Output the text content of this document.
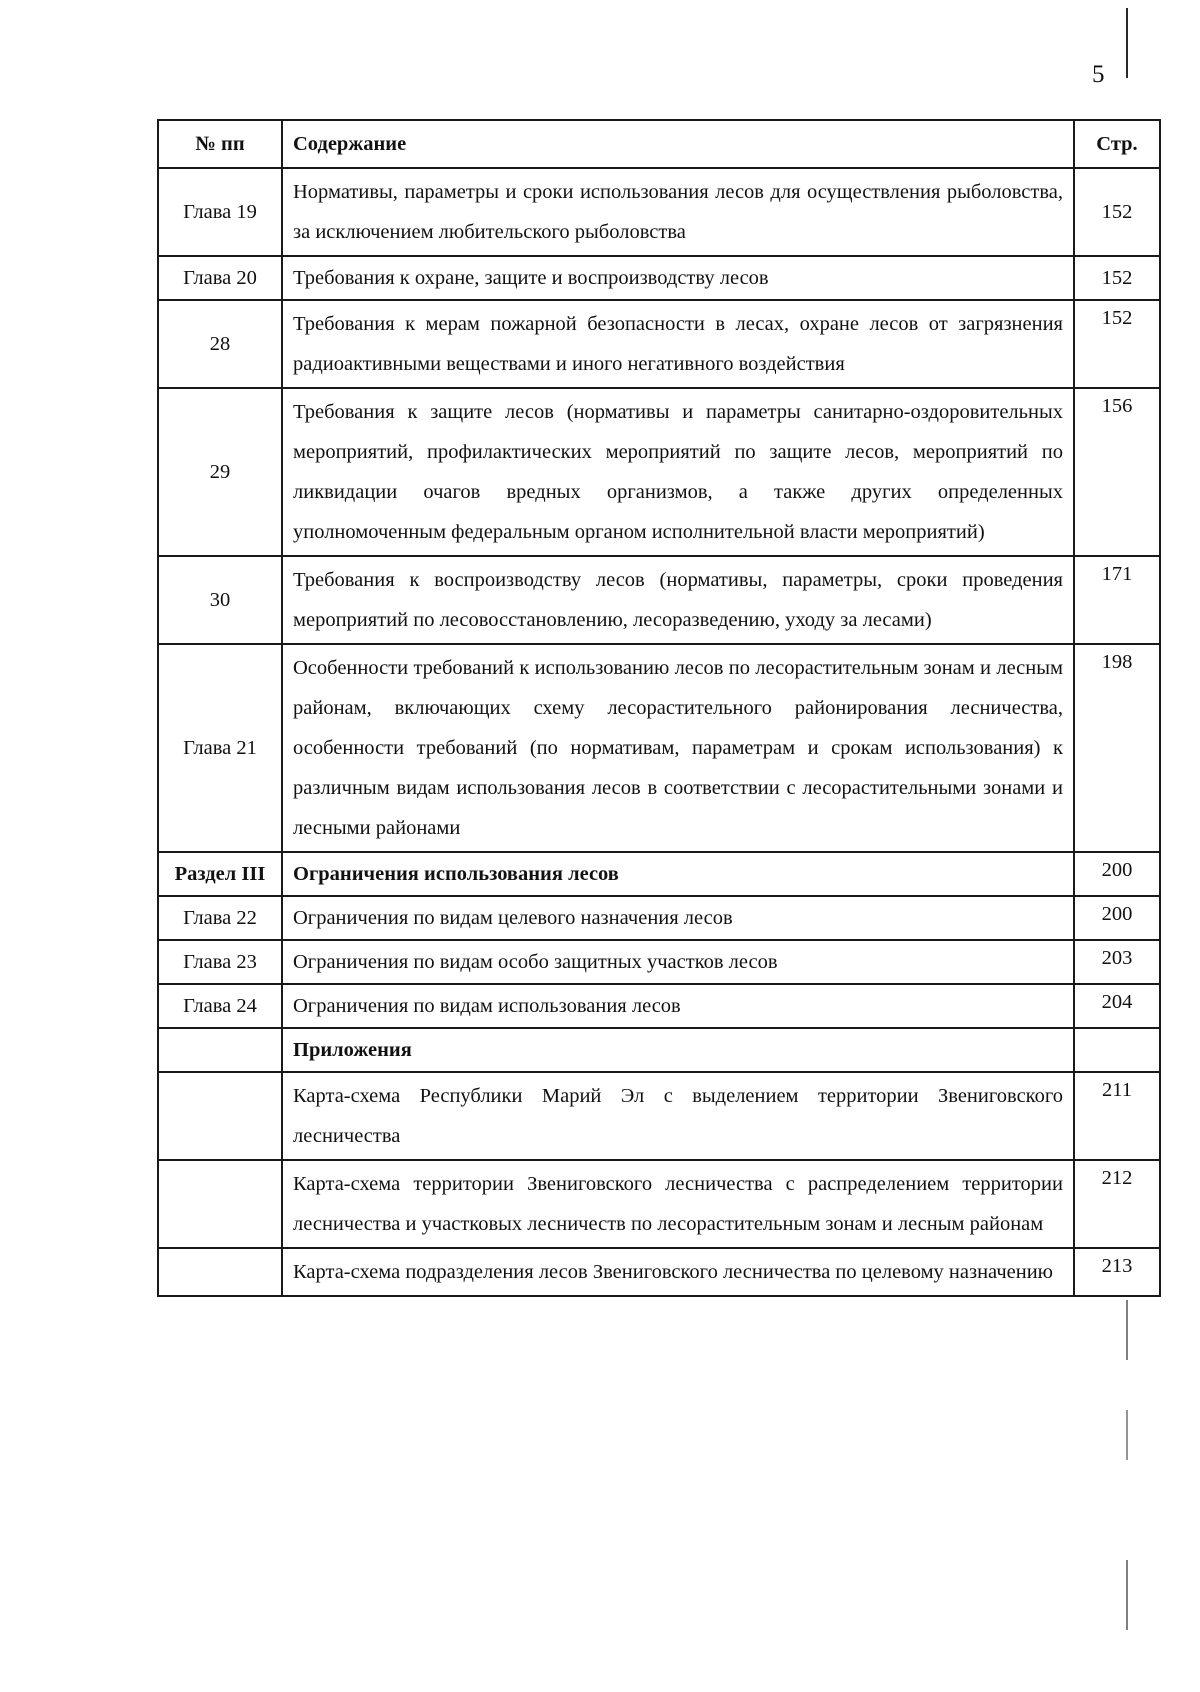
5
№ пп	Содержание	Стр.
Глава 19	Нормативы, параметры и сроки использования лесов для осуществления рыболовства, за исключением любительского рыболовства	152
Глава 20	Требования к охране, защите и воспроизводству лесов	152
28	Требования к мерам пожарной безопасности в лесах, охране лесов от загрязнения радиоактивными веществами и иного негативного воздействия	152
29	Требования к защите лесов (нормативы и параметры санитарно-оздоровительных мероприятий, профилактических мероприятий по защите лесов, мероприятий по ликвидации очагов вредных организмов, а также других определенных уполномоченным федеральным органом исполнительной власти мероприятий)	156
30	Требования к воспроизводству лесов (нормативы, параметры, сроки проведения мероприятий по лесовосстановлению, лесоразведению, уходу за лесами)	171
Глава 21	Особенности требований к использованию лесов по лесорастительным зонам и лесным районам, включающих схему лесорастительного районирования лесничества, особенности требований (по нормативам, параметрам и срокам использования) к различным видам использования лесов в соответствии с лесорастительными зонами и лесными районами	198
Раздел III	Ограничения использования лесов	200
Глава 22	Ограничения по видам целевого назначения лесов	200
Глава 23	Ограничения по видам особо защитных участков лесов	203
Глава 24	Ограничения по видам использования лесов	204
	Приложения	
	Карта-схема Республики Марий Эл с выделением территории Звениговского лесничества	211
	Карта-схема территории Звениговского лесничества с распределением территории лесничества и участковых лесничеств по лесорастительным зонам и лесным районам	212
	Карта-схема подразделения лесов Звениговского лесничества по целевому назначению	213
